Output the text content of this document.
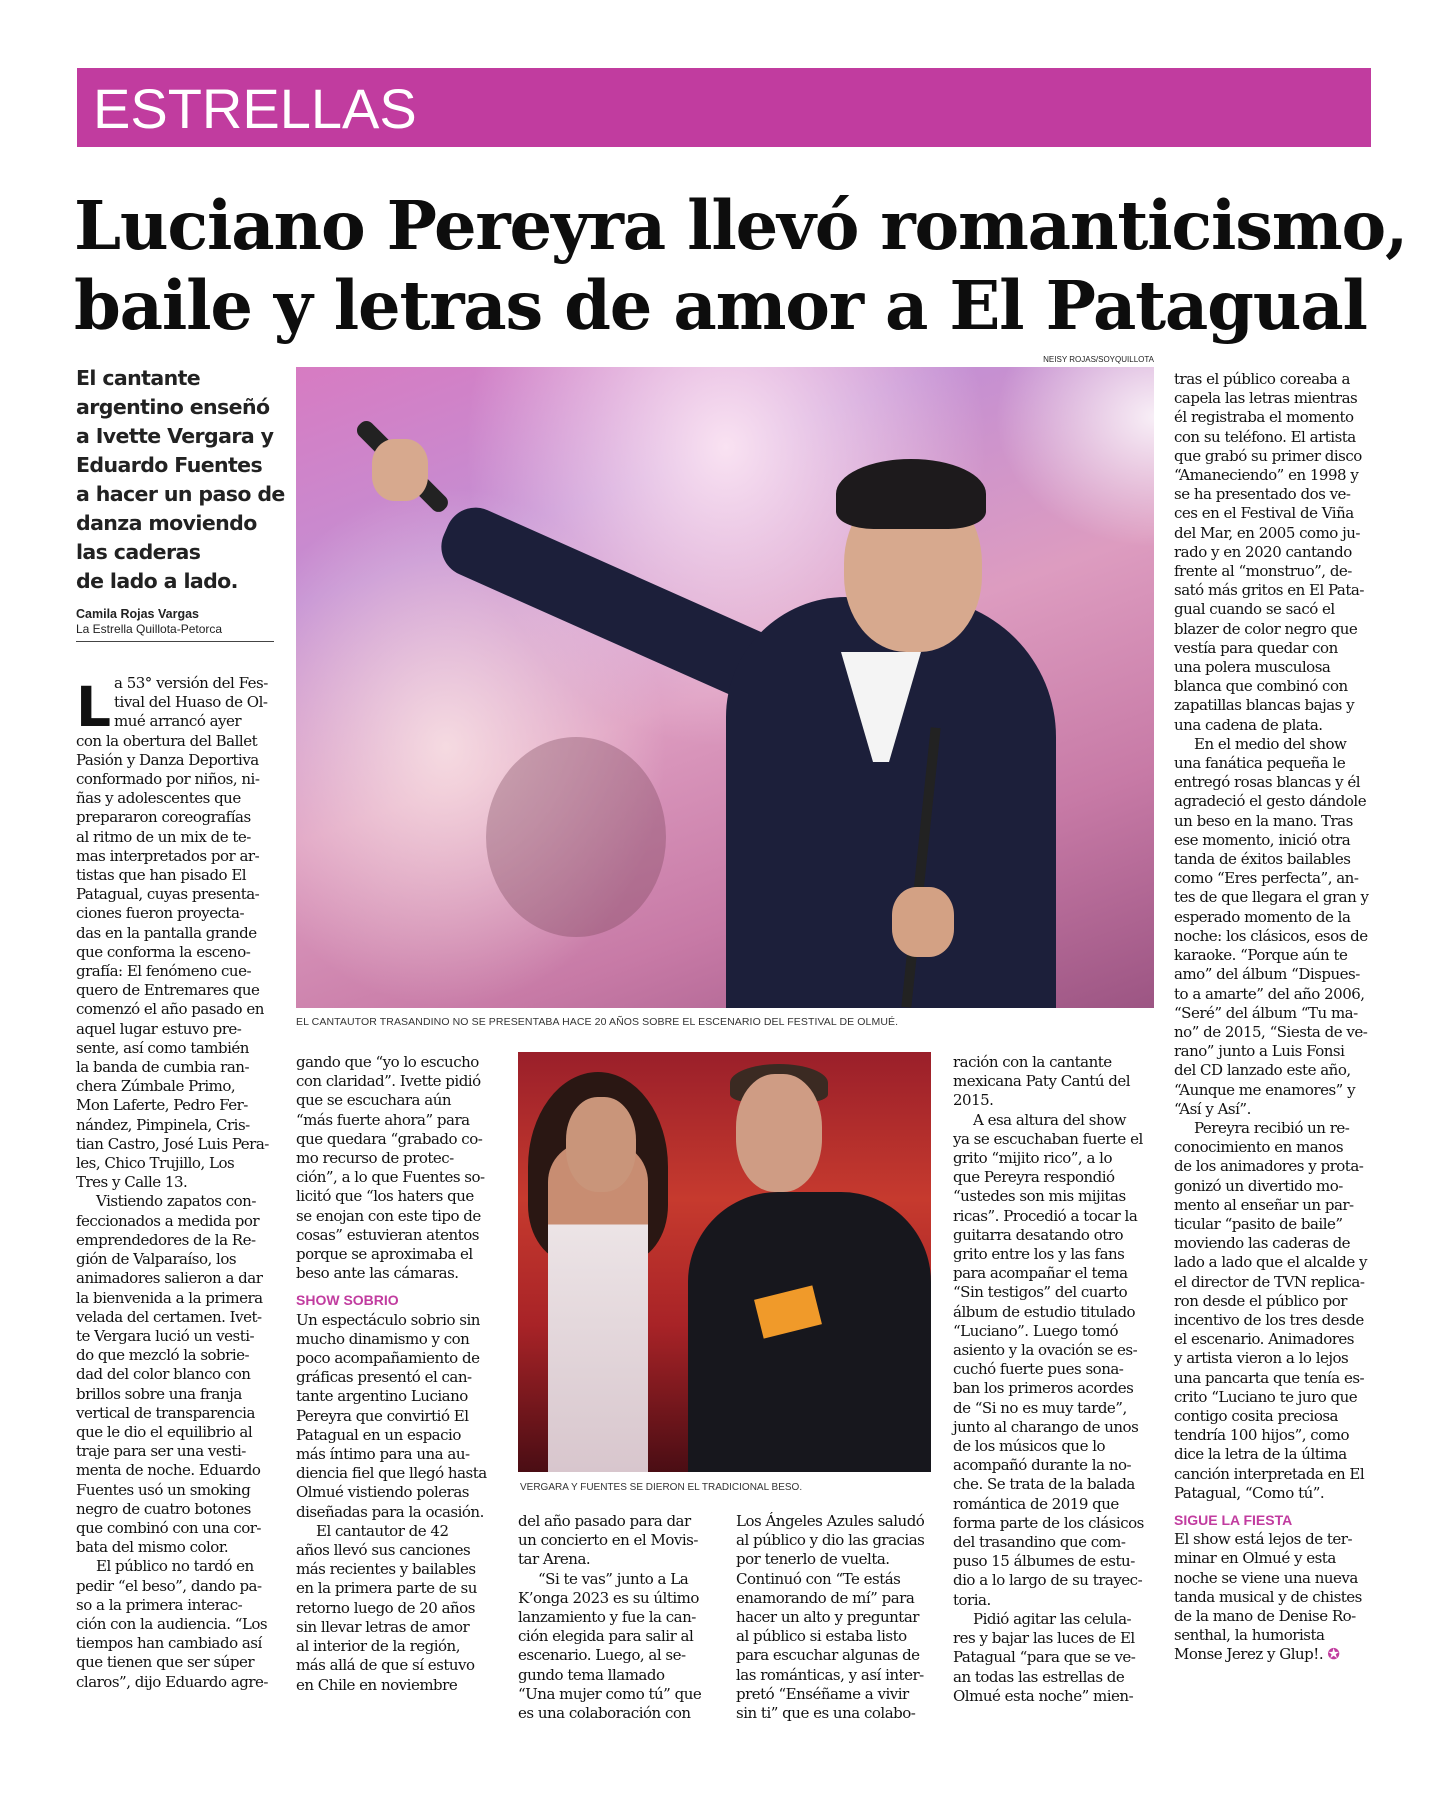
ESTRELLAS
Luciano Pereyra llevó romanticismo,
baile y letras de amor a El Patagual
El cantante
argentino enseñó
a Ivette Vergara y
Eduardo Fuentes
a hacer un paso de
danza moviendo
las caderas
de lado a lado.
Camila Rojas Vargas
La Estrella Quillota-Petorca
NEISY ROJAS/SOYQUILLOTA
EL CANTAUTOR TRASANDINO NO SE PRESENTABA HACE 20 AÑOS SOBRE EL ESCENARIO DEL FESTIVAL DE OLMUÉ.
VERGARA Y FUENTES SE DIERON EL TRADICIONAL BESO.
L a 53° versión del Fes-
tival del Huaso de Ol-
mué arrancó ayer
con la obertura del Ballet
Pasión y Danza Deportiva
conformado por niños, ni-
ñas y adolescentes que
prepararon coreografías
al ritmo de un mix de te-
mas interpretados por ar-
tistas que han pisado El
Patagual, cuyas presenta-
ciones fueron proyecta-
das en la pantalla grande
que conforma la esceno-
grafía: El fenómeno cue-
quero de Entremares que
comenzó el año pasado en
aquel lugar estuvo pre-
sente, así como también
la banda de cumbia ran-
chera Zúmbale Primo,
Mon Laferte, Pedro Fer-
nández, Pimpinela, Cris-
tian Castro, José Luis Pera-
les, Chico Trujillo, Los
Tres y Calle 13.
Vistiendo zapatos con-
feccionados a medida por
emprendedores de la Re-
gión de Valparaíso, los
animadores salieron a dar
la bienvenida a la primera
velada del certamen. Ivet-
te Vergara lució un vesti-
do que mezcló la sobrie-
dad del color blanco con
brillos sobre una franja
vertical de transparencia
que le dio el equilibrio al
traje para ser una vesti-
menta de noche. Eduardo
Fuentes usó un smoking
negro de cuatro botones
que combinó con una cor-
bata del mismo color.
El público no tardó en
pedir “el beso”, dando pa-
so a la primera interac-
ción con la audiencia. “Los
tiempos han cambiado así
que tienen que ser súper
claros”, dijo Eduardo agre-
gando que “yo lo escucho
con claridad”. Ivette pidió
que se escuchara aún
“más fuerte ahora” para
que quedara “grabado co-
mo recurso de protec-
ción”, a lo que Fuentes so-
licitó que “los haters que
se enojan con este tipo de
cosas” estuvieran atentos
porque se aproximaba el
beso ante las cámaras.
SHOW SOBRIO
Un espectáculo sobrio sin
mucho dinamismo y con
poco acompañamiento de
gráficas presentó el can-
tante argentino Luciano
Pereyra que convirtió El
Patagual en un espacio
más íntimo para una au-
diencia fiel que llegó hasta
Olmué vistiendo poleras
diseñadas para la ocasión.
El cantautor de 42
años llevó sus canciones
más recientes y bailables
en la primera parte de su
retorno luego de 20 años
sin llevar letras de amor
al interior de la región,
más allá de que sí estuvo
en Chile en noviembre
del año pasado para dar
un concierto en el Movis-
tar Arena.
“Si te vas” junto a La
K’onga 2023 es su último
lanzamiento y fue la can-
ción elegida para salir al
escenario. Luego, al se-
gundo tema llamado
“Una mujer como tú” que
es una colaboración con
Los Ángeles Azules saludó
al público y dio las gracias
por tenerlo de vuelta.
Continuó con “Te estás
enamorando de mí” para
hacer un alto y preguntar
al público si estaba listo
para escuchar algunas de
las románticas, y así inter-
pretó “Enséñame a vivir
sin ti” que es una colabo-
ración con la cantante
mexicana Paty Cantú del
2015.
A esa altura del show
ya se escuchaban fuerte el
grito “mijito rico”, a lo
que Pereyra respondió
“ustedes son mis mijitas
ricas”. Procedió a tocar la
guitarra desatando otro
grito entre los y las fans
para acompañar el tema
“Sin testigos” del cuarto
álbum de estudio titulado
“Luciano”. Luego tomó
asiento y la ovación se es-
cuchó fuerte pues sona-
ban los primeros acordes
de “Si no es muy tarde”,
junto al charango de unos
de los músicos que lo
acompañó durante la no-
che. Se trata de la balada
romántica de 2019 que
forma parte de los clásicos
del trasandino que com-
puso 15 álbumes de estu-
dio a lo largo de su trayec-
toria.
Pidió agitar las celula-
res y bajar las luces de El
Patagual “para que se ve-
an todas las estrellas de
Olmué esta noche” mien-
tras el público coreaba a
capela las letras mientras
él registraba el momento
con su teléfono. El artista
que grabó su primer disco
“Amaneciendo” en 1998 y
se ha presentado dos ve-
ces en el Festival de Viña
del Mar, en 2005 como ju-
rado y en 2020 cantando
frente al “monstruo”, de-
sató más gritos en El Pata-
gual cuando se sacó el
blazer de color negro que
vestía para quedar con
una polera musculosa
blanca que combinó con
zapatillas blancas bajas y
una cadena de plata.
En el medio del show
una fanática pequeña le
entregó rosas blancas y él
agradeció el gesto dándole
un beso en la mano. Tras
ese momento, inició otra
tanda de éxitos bailables
como “Eres perfecta”, an-
tes de que llegara el gran y
esperado momento de la
noche: los clásicos, esos de
karaoke. “Porque aún te
amo” del álbum “Dispues-
to a amarte” del año 2006,
“Seré” del álbum “Tu ma-
no” de 2015, “Siesta de ve-
rano” junto a Luis Fonsi
del CD lanzado este año,
“Aunque me enamores” y
“Así y Así”.
Pereyra recibió un re-
conocimiento en manos
de los animadores y prota-
gonizó un divertido mo-
mento al enseñar un par-
ticular “pasito de baile”
moviendo las caderas de
lado a lado que el alcalde y
el director de TVN replica-
ron desde el público por
incentivo de los tres desde
el escenario. Animadores
y artista vieron a lo lejos
una pancarta que tenía es-
crito “Luciano te juro que
contigo cosita preciosa
tendría 100 hijos”, como
dice la letra de la última
canción interpretada en El
Patagual, “Como tú”.
SIGUE LA FIESTA
El show está lejos de ter-
minar en Olmué y esta
noche se viene una nueva
tanda musical y de chistes
de la mano de Denise Ro-
senthal, la humorista
Monse Jerez y Glup!. ✪
